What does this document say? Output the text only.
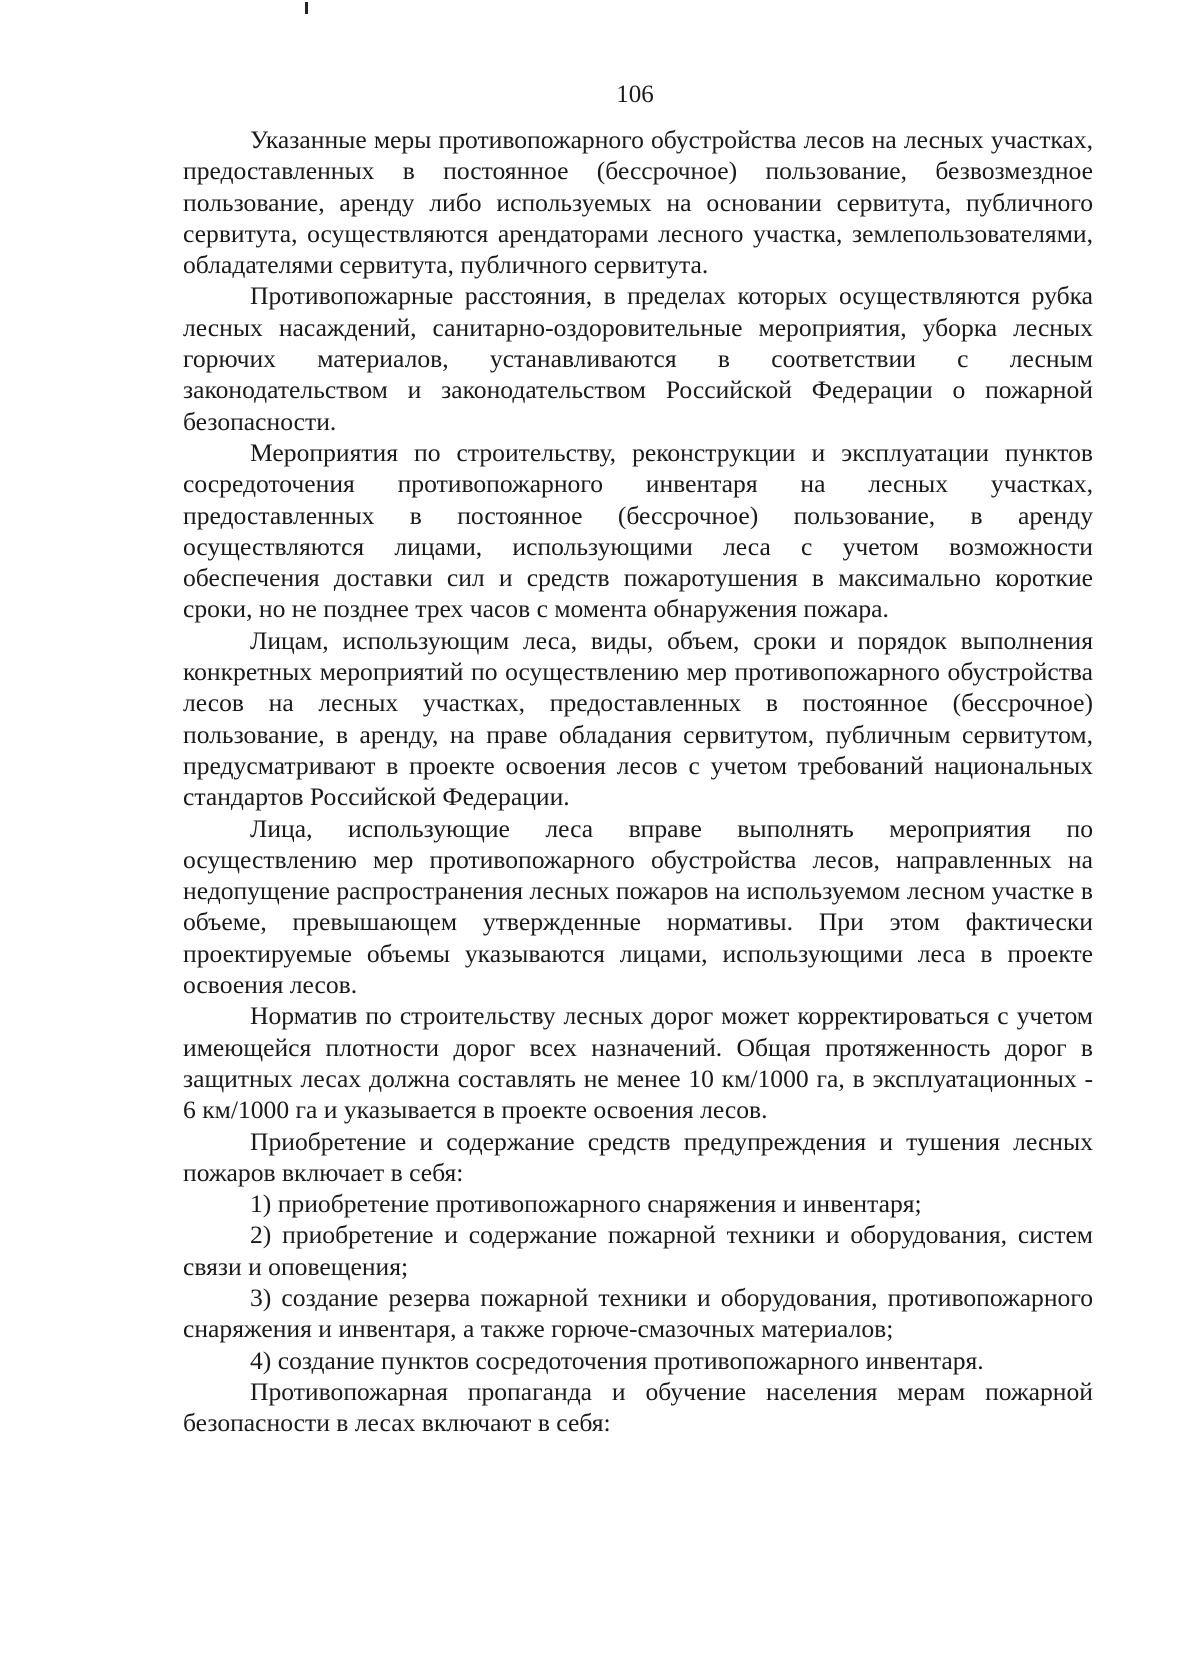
106

Указанные меры противопожарного обустройства лесов на лесных участках, предоставленных в постоянное (бессрочное) пользование, безвозмездное пользование, аренду либо используемых на основании сервитута, публичного сервитута, осуществляются арендаторами лесного участка, землепользователями, обладателями сервитута, публичного сервитута.

Противопожарные расстояния, в пределах которых осуществляются рубка лесных насаждений, санитарно-оздоровительные мероприятия, уборка лесных горючих материалов, устанавливаются в соответствии с лесным законодательством и законодательством Российской Федерации о пожарной безопасности.

Мероприятия по строительству, реконструкции и эксплуатации пунктов сосредоточения противопожарного инвентаря на лесных участках, предоставленных в постоянное (бессрочное) пользование, в аренду осуществляются лицами, использующими леса с учетом возможности обеспечения доставки сил и средств пожаротушения в максимально короткие сроки, но не позднее трех часов с момента обнаружения пожара.

Лицам, использующим леса, виды, объем, сроки и порядок выполнения конкретных мероприятий по осуществлению мер противопожарного обустройства лесов на лесных участках, предоставленных в постоянное (бессрочное) пользование, в аренду, на праве обладания сервитутом, публичным сервитутом, предусматривают в проекте освоения лесов с учетом требований национальных стандартов Российской Федерации.

Лица, использующие леса вправе выполнять мероприятия по осуществлению мер противопожарного обустройства лесов, направленных на недопущение распространения лесных пожаров на используемом лесном участке в объеме, превышающем утвержденные нормативы. При этом фактически проектируемые объемы указываются лицами, использующими леса в проекте освоения лесов.

Норматив по строительству лесных дорог может корректироваться с учетом имеющейся плотности дорог всех назначений. Общая протяженность дорог в защитных лесах должна составлять не менее 10 км/1000 га, в эксплуатационных - 6 км/1000 га и указывается в проекте освоения лесов.

Приобретение и содержание средств предупреждения и тушения лесных пожаров включает в себя:

1) приобретение противопожарного снаряжения и инвентаря;

2) приобретение и содержание пожарной техники и оборудования, систем связи и оповещения;

3) создание резерва пожарной техники и оборудования, противопожарного снаряжения и инвентаря, а также горюче-смазочных материалов;

4) создание пунктов сосредоточения противопожарного инвентаря.

Противопожарная пропаганда и обучение населения мерам пожарной безопасности в лесах включают в себя:
